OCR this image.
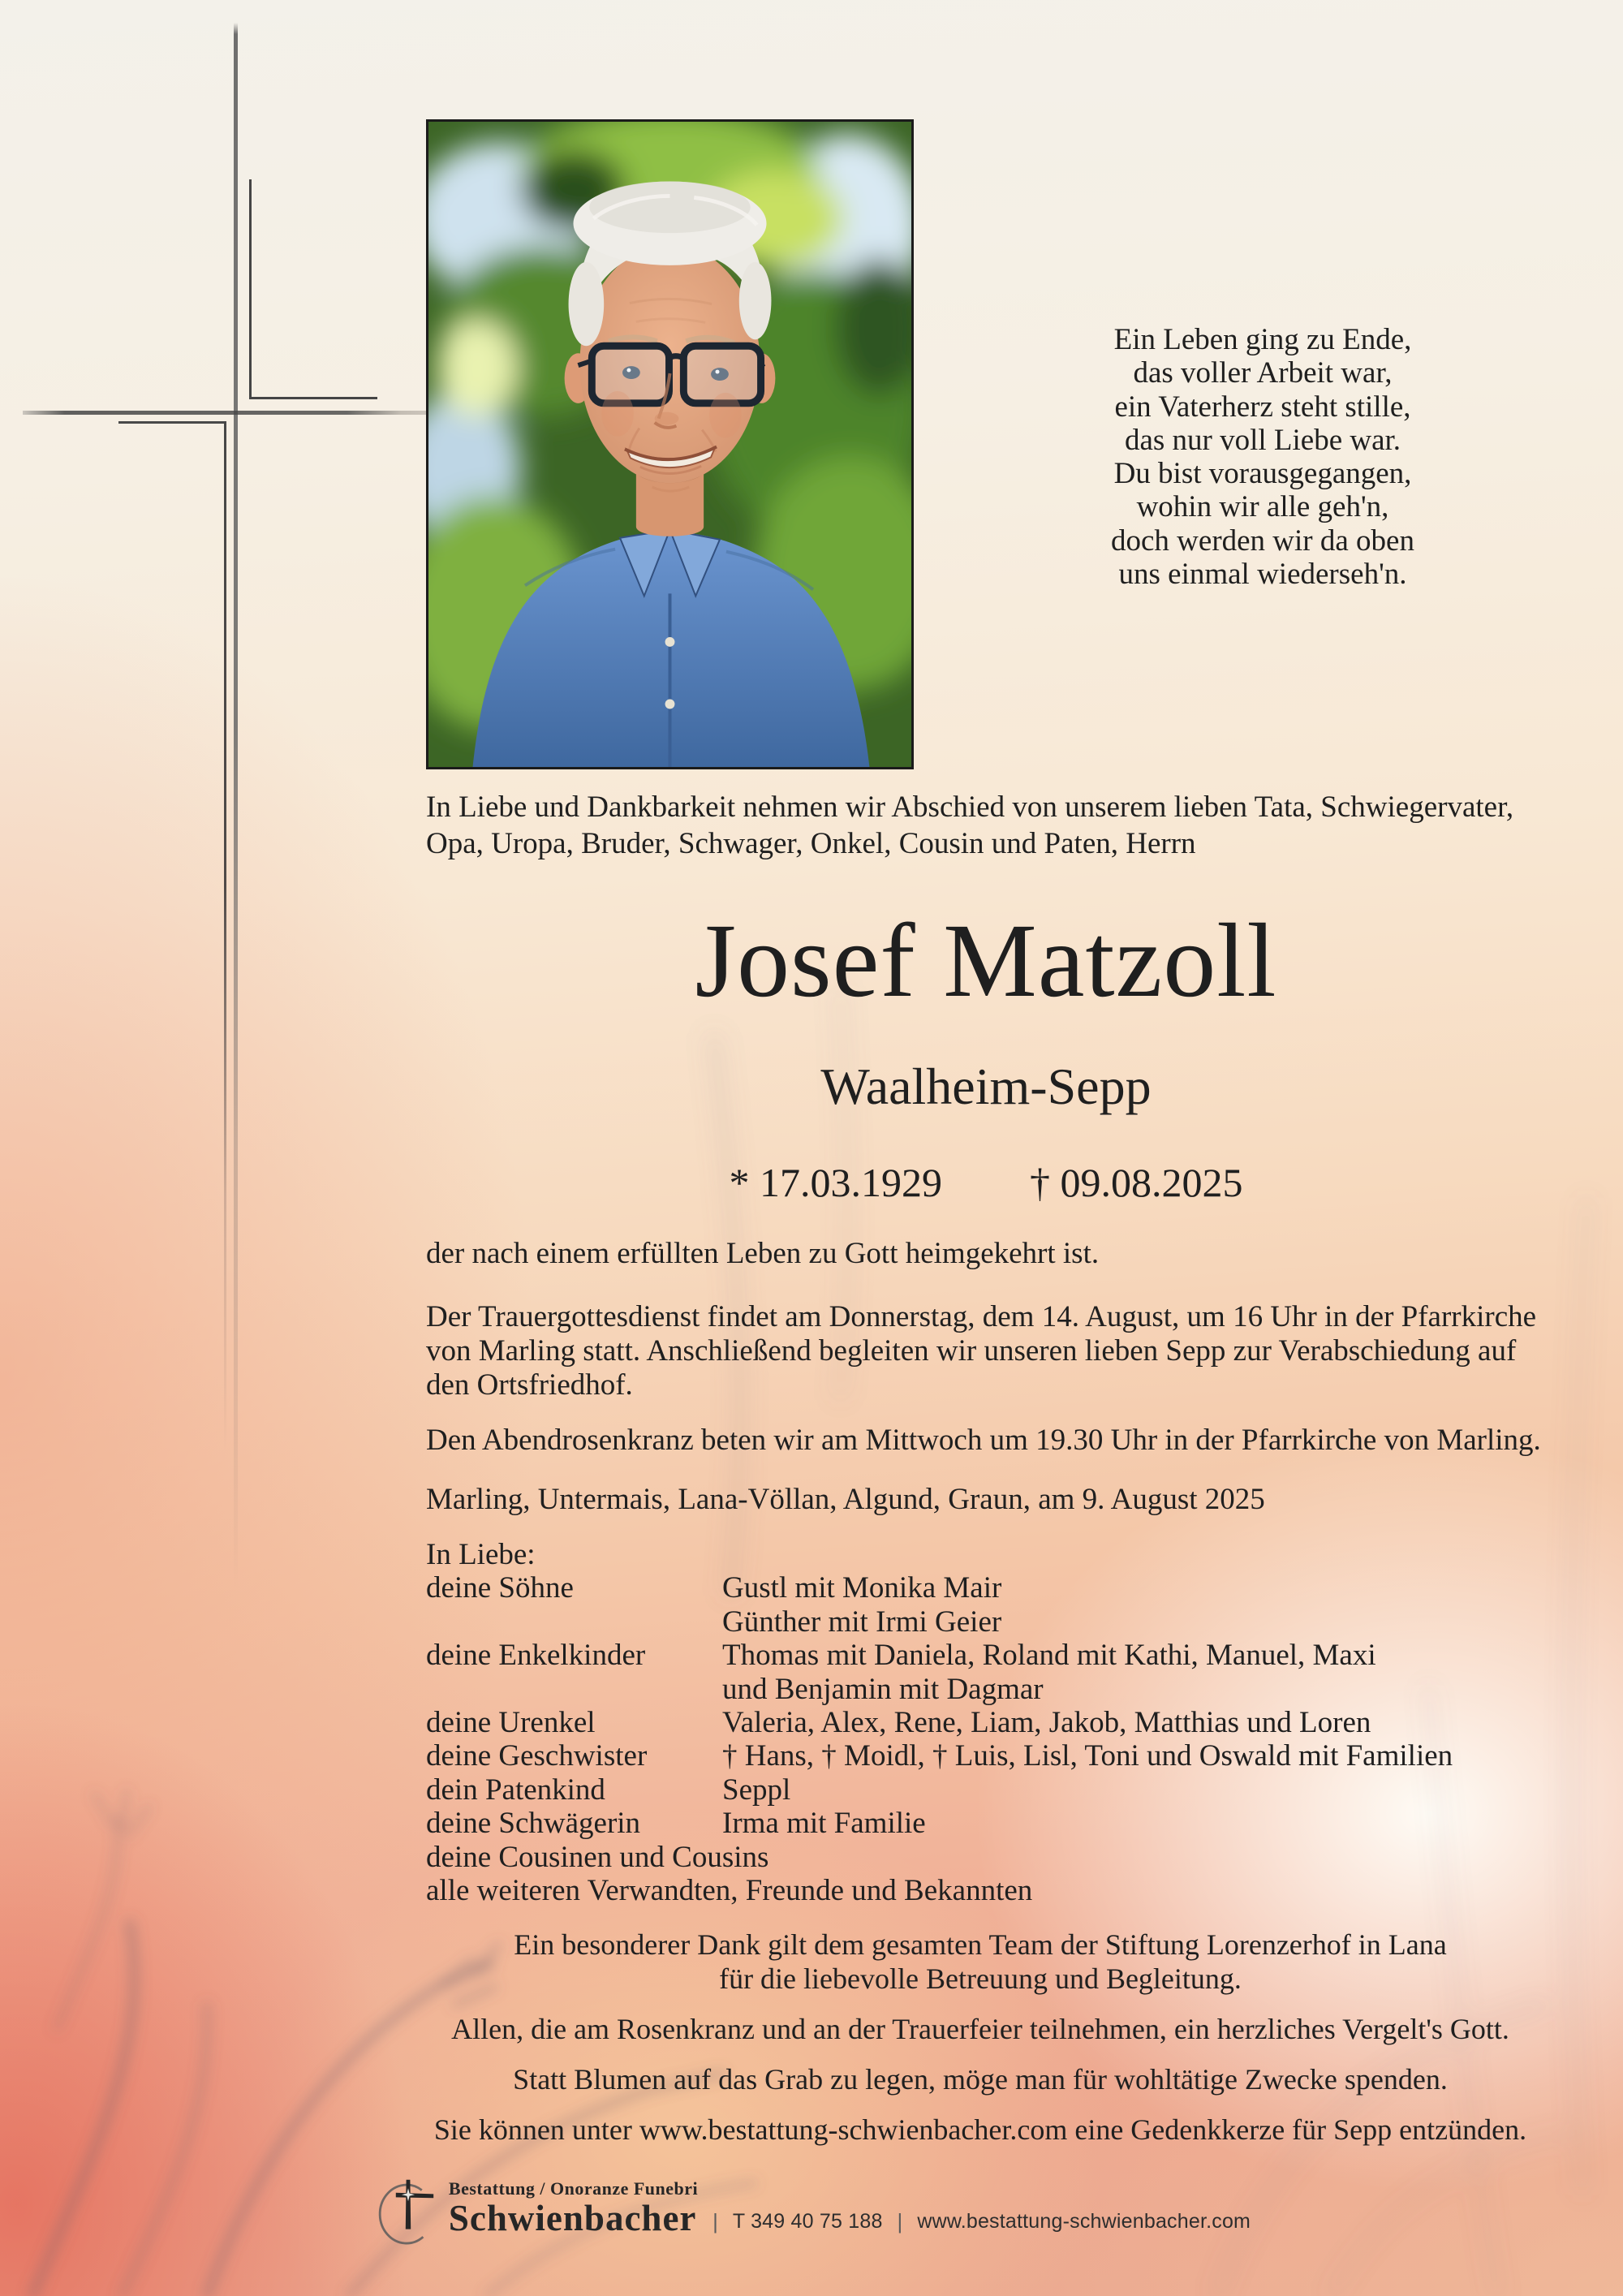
Ein Leben ging zu Ende,
das voller Arbeit war,
ein Vaterherz steht stille,
das nur voll Liebe war.
Du bist vorausgegangen,
wohin wir alle geh'n,
doch werden wir da oben
uns einmal wiederseh'n.
In Liebe und Dankbarkeit nehmen wir Abschied von unserem lieben Tata, Schwiegervater, Opa, Uropa, Bruder, Schwager, Onkel, Cousin und Paten, Herrn
Josef Matzoll
Waalheim-Sepp
* 17.03.1929 † 09.08.2025
der nach einem erfüllten Leben zu Gott heimgekehrt ist.
Der Trauergottesdienst findet am Donnerstag, dem 14. August, um 16 Uhr in der Pfarrkirche von Marling statt. Anschließend begleiten wir unseren lieben Sepp zur Verabschiedung auf den Ortsfriedhof.
Den Abendrosenkranz beten wir am Mittwoch um 19.30 Uhr in der Pfarrkirche von Marling.
Marling, Untermais, Lana-Völlan, Algund, Graun, am 9. August 2025
In Liebe:
deine Söhne	Gustl mit Monika Mair
Günther mit Irmi Geier
deine Enkelkinder	Thomas mit Daniela, Roland mit Kathi, Manuel, Maxi
und Benjamin mit Dagmar
deine Urenkel	Valeria, Alex, Rene, Liam, Jakob, Matthias und Loren
deine Geschwister	† Hans, † Moidl, † Luis, Lisl, Toni und Oswald mit Familien
dein Patenkind	Seppl
deine Schwägerin	Irma mit Familie
deine Cousinen und Cousins
alle weiteren Verwandten, Freunde und Bekannten
Ein besonderer Dank gilt dem gesamten Team der Stiftung Lorenzerhof in Lana
für die liebevolle Betreuung und Begleitung.
Allen, die am Rosenkranz und an der Trauerfeier teilnehmen, ein herzliches Vergelt's Gott.
Statt Blumen auf das Grab zu legen, möge man für wohltätige Zwecke spenden.
Sie können unter www.bestattung-schwienbacher.com eine Gedenkkerze für Sepp entzünden.
Bestattung / Onoranze Funebri
Schwienbacher | T 349 40 75 188 | www.bestattung-schwienbacher.com
